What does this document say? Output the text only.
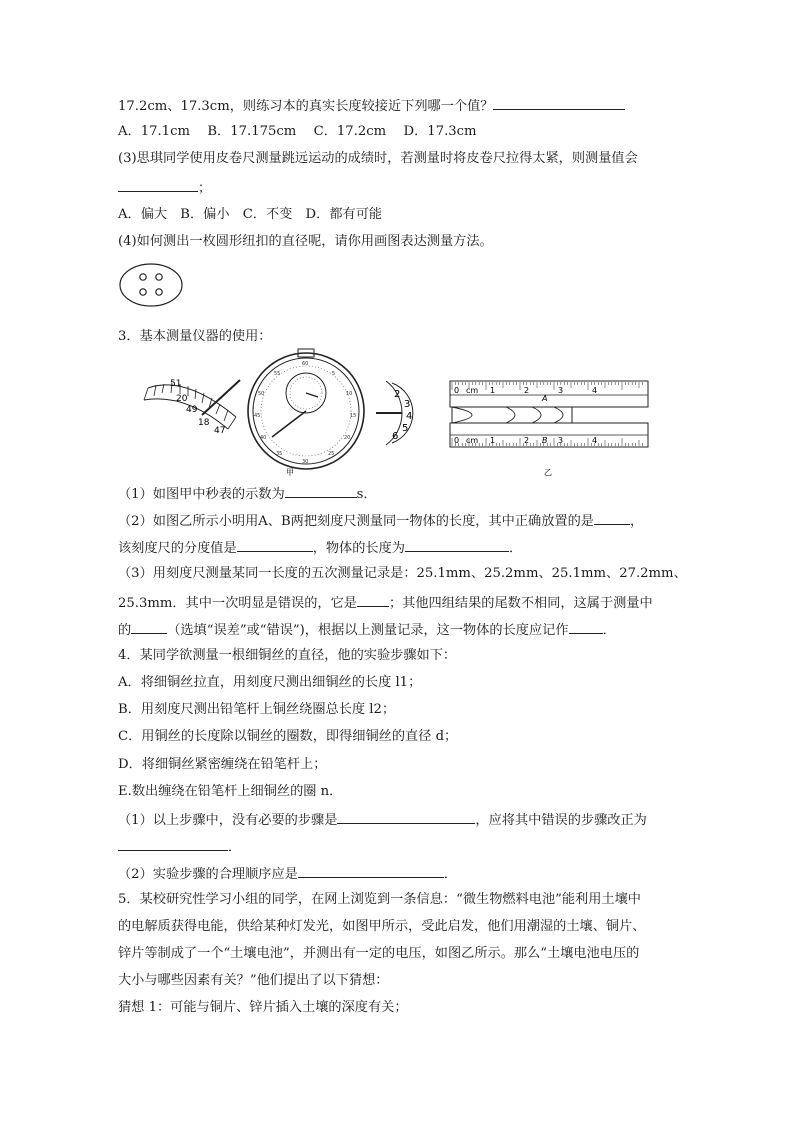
17.2cm、17.3cm，则练习本的真实长度较接近下列哪一个值？
A．17.1cm　 B．17.175cm　 C．17.2cm　 D．17.3cm
(3)思琪同学使用皮卷尺测量跳远运动的成绩时，若测量时将皮卷尺拉得太紧，则测量值会
；
A．偏大　B．偏小　C．不变　D．都有可能
(4)如何测出一枚圆形纽扣的直径呢，请你用画图表达测量方法。
3．基本测量仪器的使用：
51
20
49
18
47
60
5
10
15
20
25
30
35
40
45
50
55
2
3
4
5
6
0 cm 1	2	3	4
A
0 cm 1	2	3	4
B
甲	乙
（1）如图甲中秒表的示数为	s．
（2）如图乙所示小明用A、B两把刻度尺测量同一物体的长度，其中正确放置的是	，
该刻度尺的分度值是	，物体的长度为	．
（3）用刻度尺测量某同一长度的五次测量记录是：25.1mm、25.2mm、25.1mm、27.2mm、
25.3mm．其中一次明显是错误的，它是 ；其他四组结果的尾数不相同，这属于测量中
的	（选填“误差”或“错误”)，根据以上测量记录，这一物体的长度应记作	．
4．某同学欲测量一根细铜丝的直径，他的实验步骤如下：
A．将细铜丝拉直，用刻度尺测出细铜丝的长度 l1；
B．用刻度尺测出铅笔杆上铜丝绕圈总长度 l2；
C．用铜丝的长度除以铜丝的圈数，即得细铜丝的直径 d；
D．将细铜丝紧密缠绕在铅笔杆上；
E.数出缠绕在铅笔杆上细铜丝的圈 n．
（1）以上步骤中，没有必要的步骤是	，应将其中错误的步骤改正为
．
（2）实验步骤的合理顺序应是	．
5．某校研究性学习小组的同学，在网上浏览到一条信息：“微生物燃料电池”能利用土壤中
的电解质获得电能，供给某种灯发光，如图甲所示，受此启发，他们用潮湿的土壤、铜片、
锌片等制成了一个“土壤电池”，并测出有一定的电压，如图乙所示。那么“土壤电池电压的
大小与哪些因素有关？”他们提出了以下猜想：
猜想 1：可能与铜片、锌片插入土壤的深度有关；
